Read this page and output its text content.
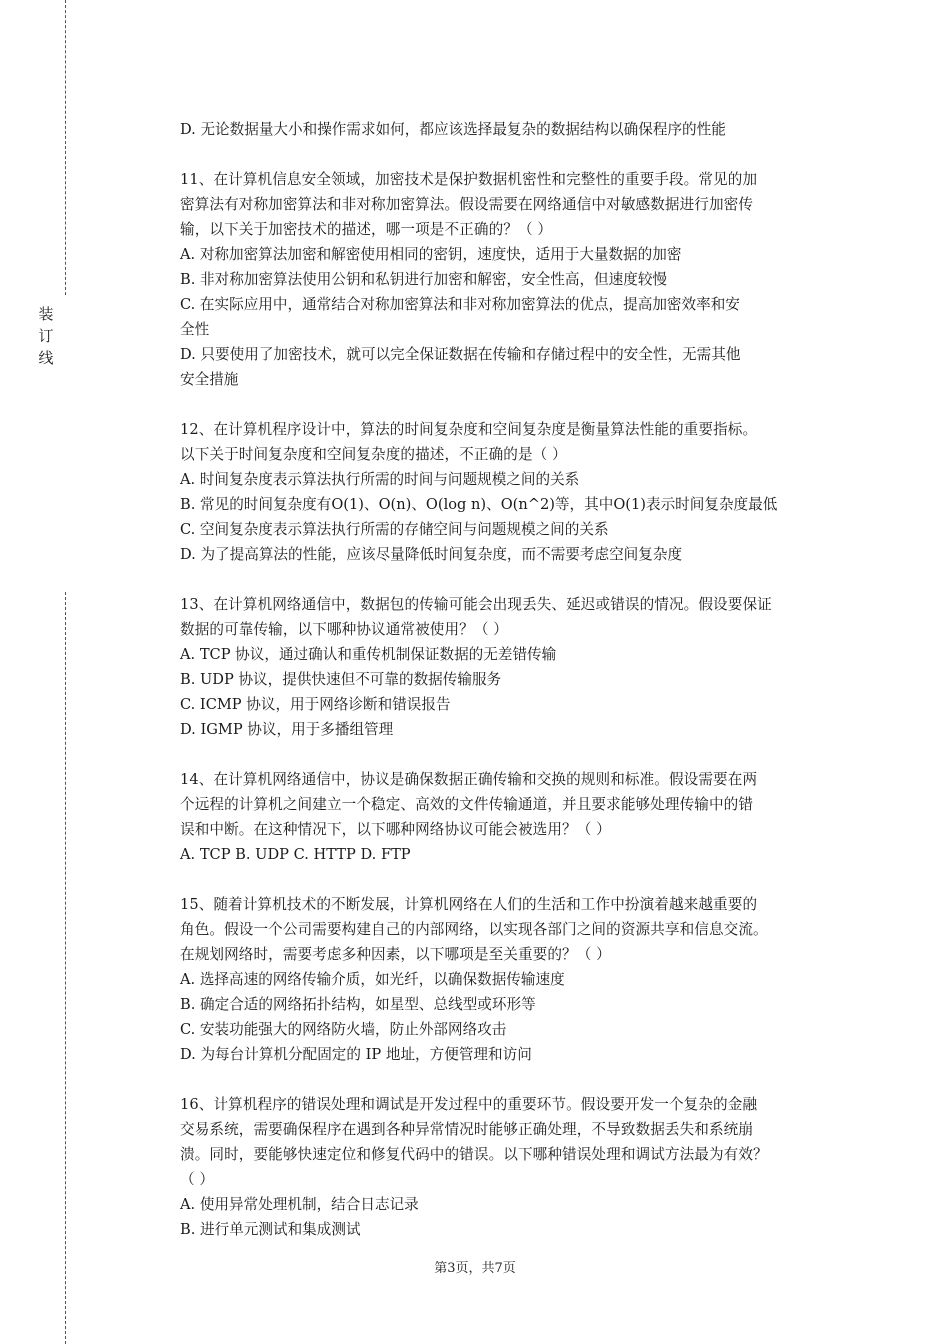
装
订
线
D. 无论数据量大小和操作需求如何，都应该选择最复杂的数据结构以确保程序的性能
11、在计算机信息安全领域，加密技术是保护数据机密性和完整性的重要手段。常见的加
密算法有对称加密算法和非对称加密算法。假设需要在网络通信中对敏感数据进行加密传
输，以下关于加密技术的描述，哪一项是不正确的？（ ）
A. 对称加密算法加密和解密使用相同的密钥，速度快，适用于大量数据的加密
B. 非对称加密算法使用公钥和私钥进行加密和解密，安全性高，但速度较慢
C. 在实际应用中，通常结合对称加密算法和非对称加密算法的优点，提高加密效率和安
全性
D. 只要使用了加密技术，就可以完全保证数据在传输和存储过程中的安全性，无需其他
安全措施
12、在计算机程序设计中，算法的时间复杂度和空间复杂度是衡量算法性能的重要指标。
以下关于时间复杂度和空间复杂度的描述，不正确的是（ ）
A. 时间复杂度表示算法执行所需的时间与问题规模之间的关系
B. 常见的时间复杂度有O(1)、O(n)、O(log n)、O(n^2)等，其中O(1)表示时间复杂度最低
C. 空间复杂度表示算法执行所需的存储空间与问题规模之间的关系
D. 为了提高算法的性能，应该尽量降低时间复杂度，而不需要考虑空间复杂度
13、在计算机网络通信中，数据包的传输可能会出现丢失、延迟或错误的情况。假设要保证
数据的可靠传输，以下哪种协议通常被使用？（ ）
A. TCP 协议，通过确认和重传机制保证数据的无差错传输
B. UDP 协议，提供快速但不可靠的数据传输服务
C. ICMP 协议，用于网络诊断和错误报告
D. IGMP 协议，用于多播组管理
14、在计算机网络通信中，协议是确保数据正确传输和交换的规则和标准。假设需要在两
个远程的计算机之间建立一个稳定、高效的文件传输通道，并且要求能够处理传输中的错
误和中断。在这种情况下，以下哪种网络协议可能会被选用？（ ）
A. TCP B. UDP C. HTTP D. FTP
15、随着计算机技术的不断发展，计算机网络在人们的生活和工作中扮演着越来越重要的
角色。假设一个公司需要构建自己的内部网络，以实现各部门之间的资源共享和信息交流。
在规划网络时，需要考虑多种因素，以下哪项是至关重要的？（ ）
A. 选择高速的网络传输介质，如光纤，以确保数据传输速度
B. 确定合适的网络拓扑结构，如星型、总线型或环形等
C. 安装功能强大的网络防火墙，防止外部网络攻击
D. 为每台计算机分配固定的 IP 地址，方便管理和访问
16、计算机程序的错误处理和调试是开发过程中的重要环节。假设要开发一个复杂的金融
交易系统，需要确保程序在遇到各种异常情况时能够正确处理，不导致数据丢失和系统崩
溃。同时，要能够快速定位和修复代码中的错误。以下哪种错误处理和调试方法最为有效？
（ ）
A. 使用异常处理机制，结合日志记录
B. 进行单元测试和集成测试
第3页，共7页
